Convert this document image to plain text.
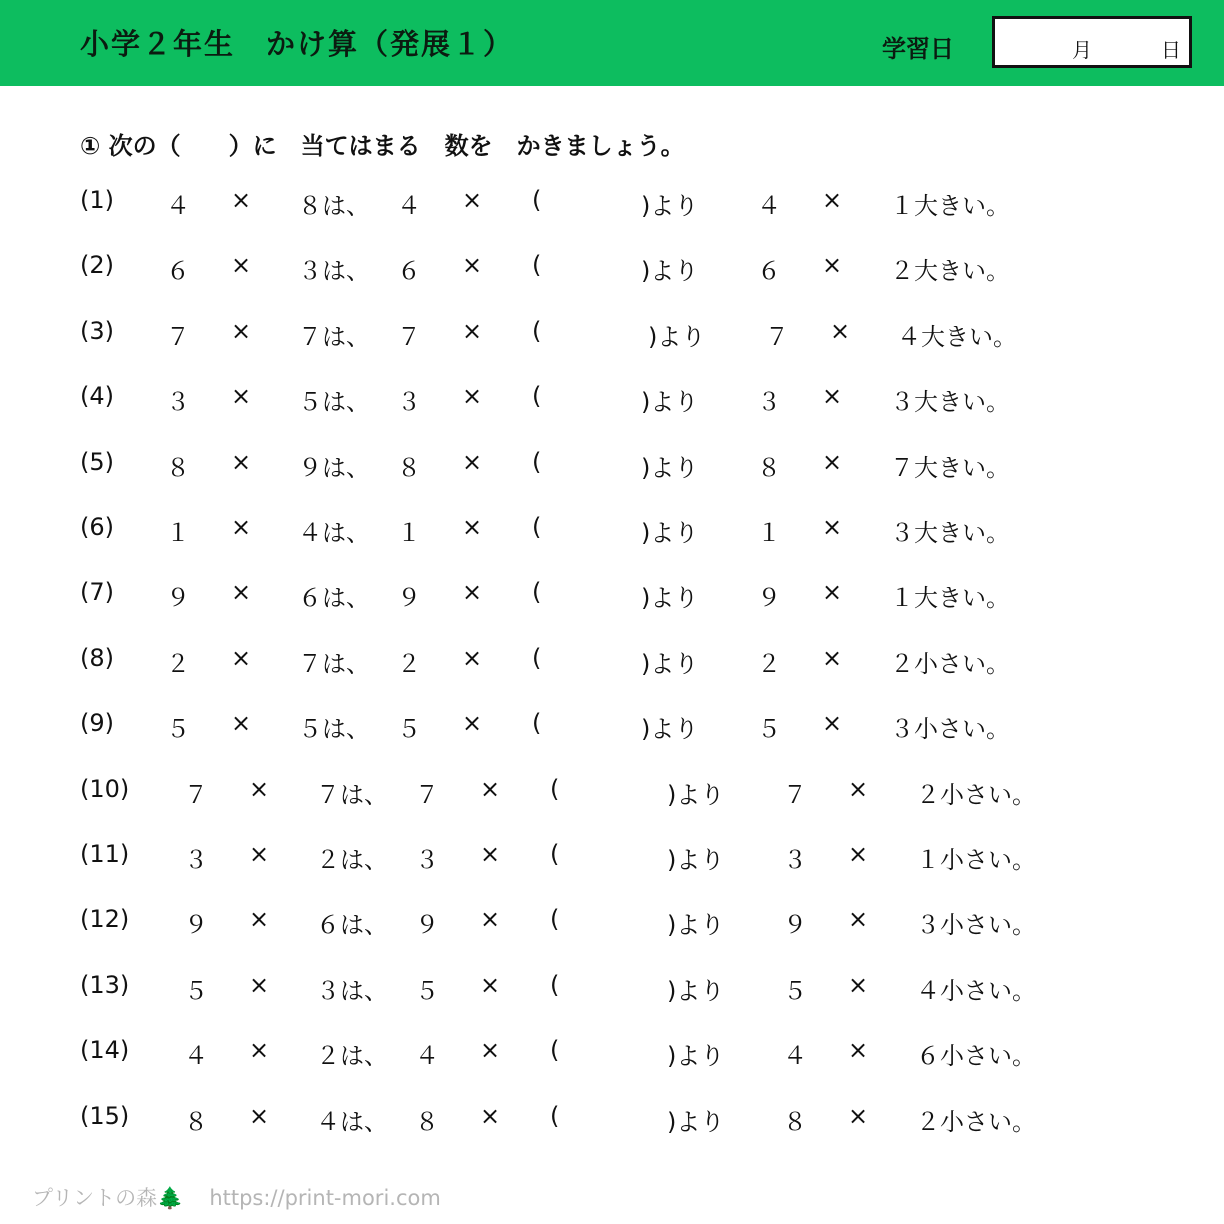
小学２年生　かけ算（発展１）	学習日	月	日
① 次の（　　）に　当てはまる　数を　かきましょう。
(1) ４ × ８は、 ４ × (	)より ４ × １大きい。
(2) ６ × ３は、 ６ × (	)より ６ × ２大きい。
(3) ７ × ７は、 ７ × (	)より ７ × ４大きい。
(4) ３ × ５は、 ３ × (	)より ３ × ３大きい。
(5) ８ × ９は、 ８ × (	)より ８ × ７大きい。
(6) １ × ４は、 １ × (	)より １ × ３大きい。
(7) ９ × ６は、 ９ × (	)より ９ × １大きい。
(8) ２ × ７は、 ２ × (	)より ２ × ２小さい。
(9) ５ × ５は、 ５ × (	)より ５ × ３小さい。
(10) ７ × ７は、 ７ × (	)より ７ × ２小さい。
(11) ３ × ２は、 ３ × (	)より ３ × １小さい。
(12) ９ × ６は、 ９ × (	)より ９ × ３小さい。
(13) ５ × ３は、 ５ × (	)より ５ × ４小さい。
(14) ４ × ２は、 ４ × (	)より ４ × ６小さい。
(15) ８ × ４は、 ８ × (	)より ８ × ２小さい。
プリントの森🌲 https://print-mori.com
